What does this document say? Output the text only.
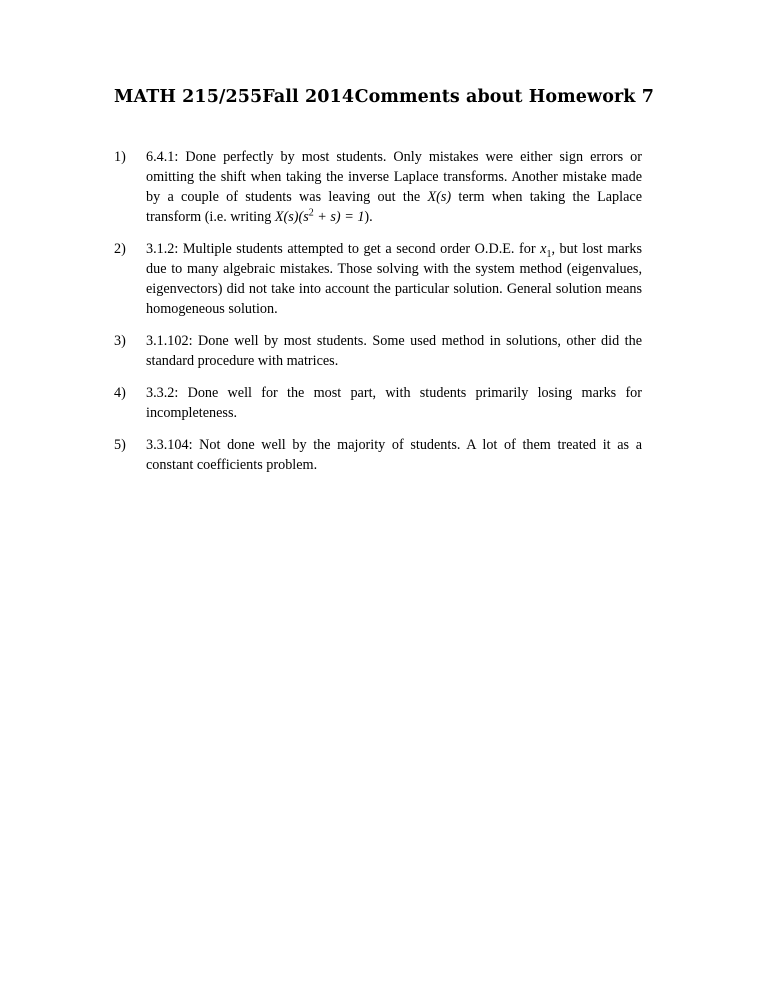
MATH 215/255 Fall 2014 Comments about Homework 7
1) 6.4.1: Done perfectly by most students. Only mistakes were either sign errors or omitting the shift when taking the inverse Laplace transforms. Another mistake made by a couple of students was leaving out the X(s) term when taking the Laplace transform (i.e. writing $X(s)(s^2 + s) = 1$).
2) 3.1.2: Multiple students attempted to get a second order O.D.E. for $x_1$, but lost marks due to many algebraic mistakes. Those solving with the system method (eigenvalues, eigenvectors) did not take into account the particular solution. General solution means homogeneous solution.
3) 3.1.102: Done well by most students. Some used method in solutions, other did the standard procedure with matrices.
4) 3.3.2: Done well for the most part, with students primarily losing marks for incompleteness.
5) 3.3.104: Not done well by the majority of students. A lot of them treated it as a constant coefficients problem.
